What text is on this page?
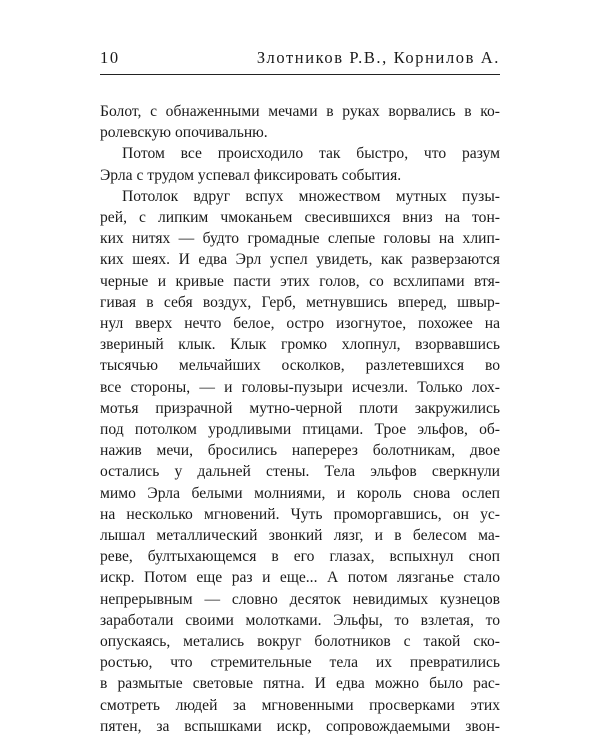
10	Злотников Р.В., Корнилов А.
Болот, с обнаженными мечами в руках ворвались в ко-
ролевскую опочивальню.
Потом все происходило так быстро, что разум
Эрла с трудом успевал фиксировать события.
Потолок вдруг вспух множеством мутных пузы-
рей, с липким чмоканьем свесившихся вниз на тон-
ких нитях — будто громадные слепые головы на хлип-
ких шеях. И едва Эрл успел увидеть, как разверзаются
черные и кривые пасти этих голов, со всхлипами втя-
гивая в себя воздух, Герб, метнувшись вперед, швыр-
нул вверх нечто белое, остро изогнутое, похожее на
звериный клык. Клык громко хлопнул, взорвавшись
тысячью мельчайших осколков, разлетевшихся во
все стороны, — и головы-пузыри исчезли. Только лох-
мотья призрачной мутно-черной плоти закружились
под потолком уродливыми птицами. Трое эльфов, об-
нажив мечи, бросились наперерез болотникам, двое
остались у дальней стены. Тела эльфов сверкнули
мимо Эрла белыми молниями, и король снова ослеп
на несколько мгновений. Чуть проморгавшись, он ус-
лышал металлический звонкий лязг, и в белесом ма-
реве, бултыхающемся в его глазах, вспыхнул сноп
искр. Потом еще раз и еще... А потом лязганье стало
непрерывным — словно десяток невидимых кузнецов
заработали своими молотками. Эльфы, то взлетая, то
опускаясь, метались вокруг болотников с такой ско-
ростью, что стремительные тела их превратились
в размытые световые пятна. И едва можно было рас-
смотреть людей за мгновенными просверками этих
пятен, за вспышками искр, сопровождаемыми звон-
